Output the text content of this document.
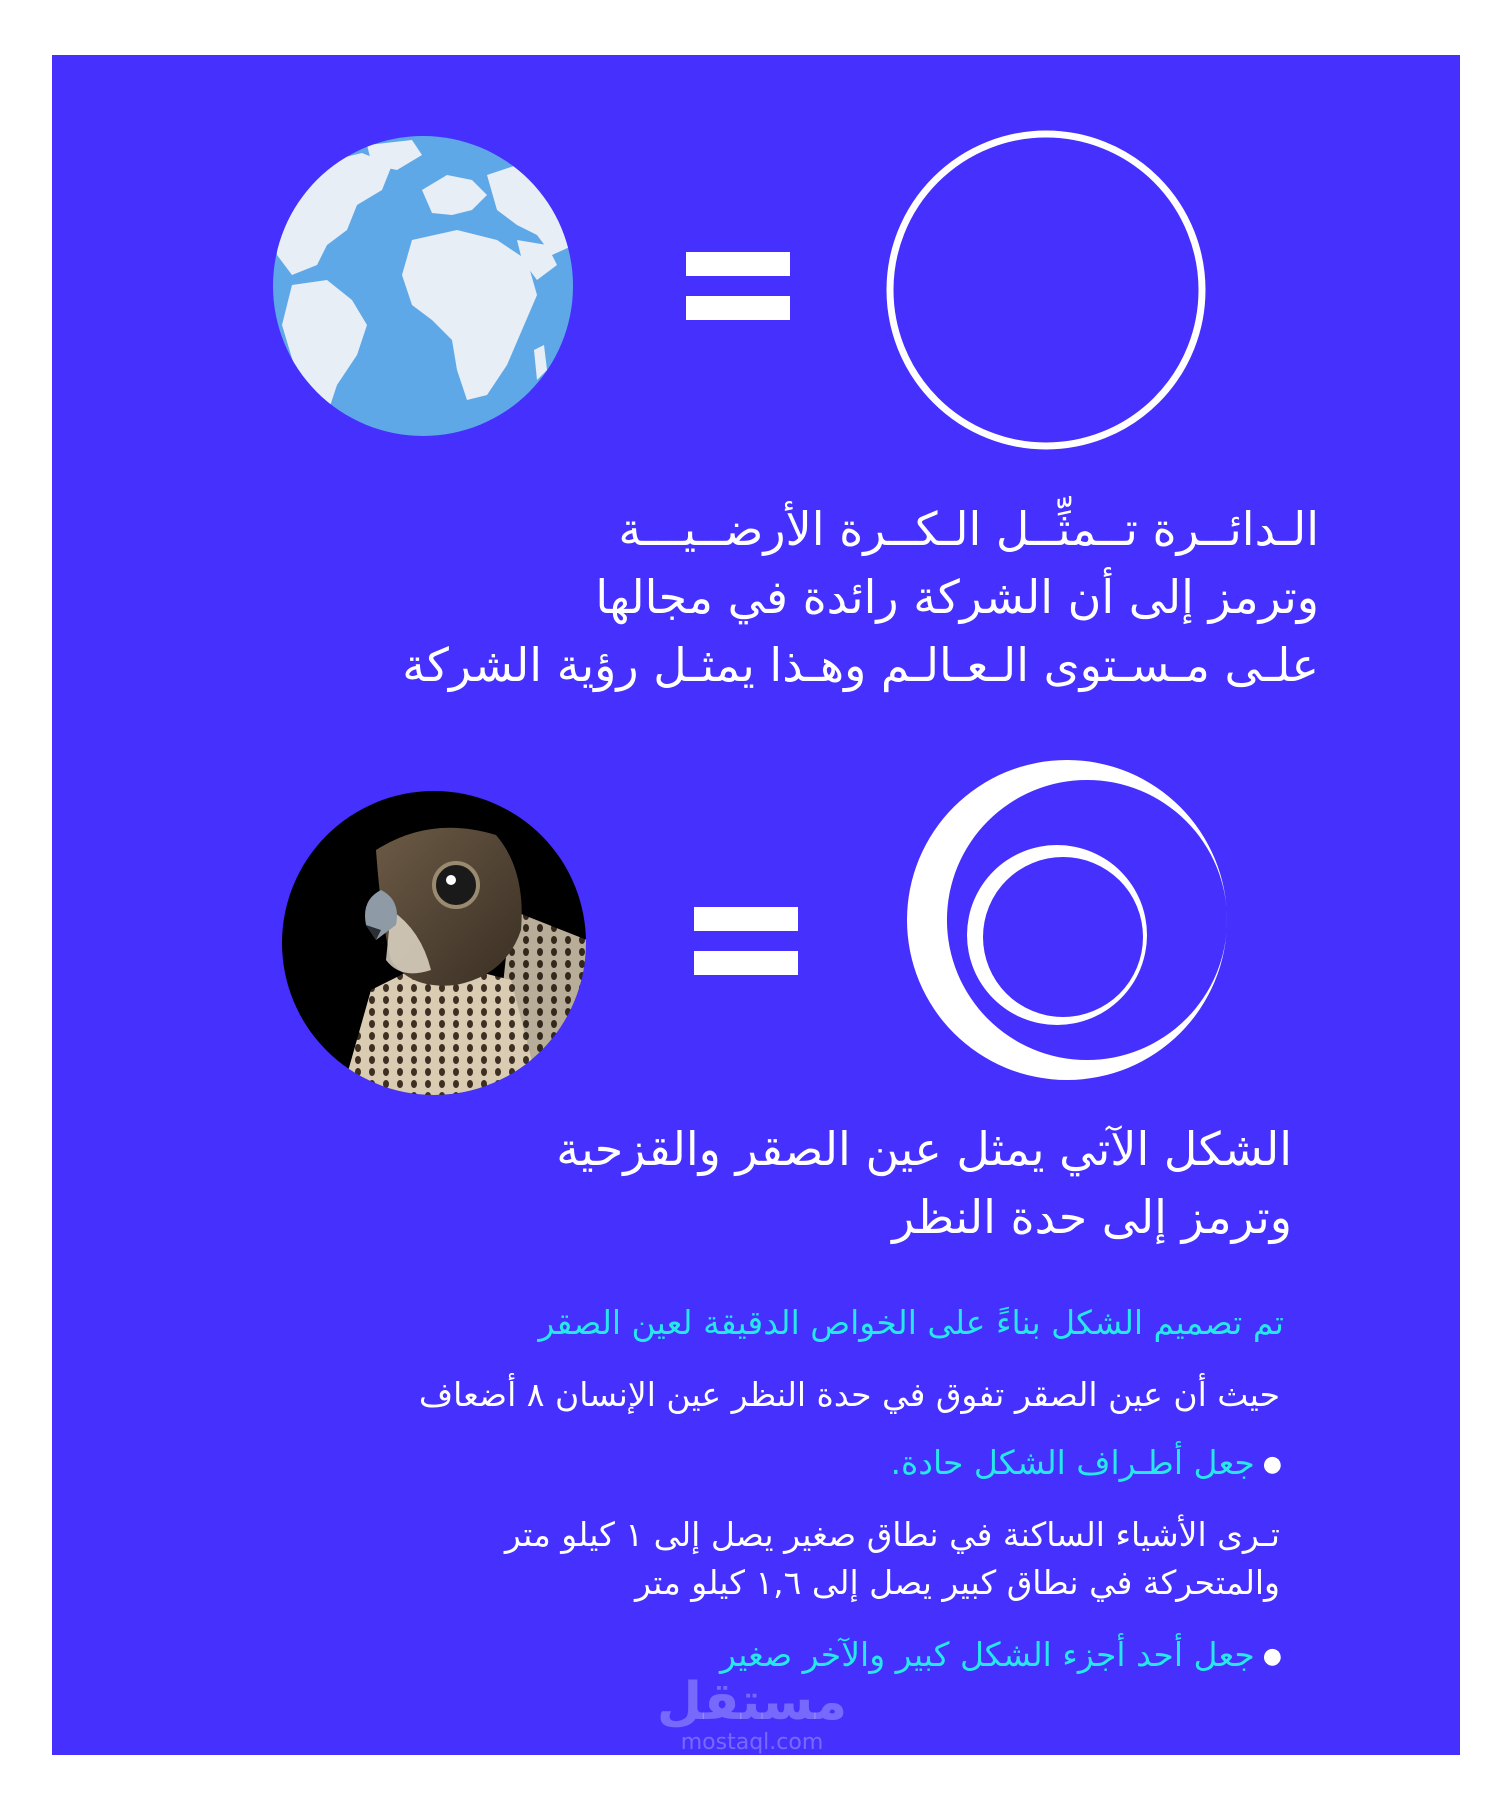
الـدائــرة تــمثِّــل الـكــرة الأرضــيـــة
وترمز إلى أن الشركة رائدة في مجالها
علـى مـسـتوى الـعـالـم وهـذا يمثـل رؤية الشركة
الشكل الآتي يمثل عين الصقر والقزحية
وترمز إلى حدة النظر
تم تصميم الشكل بناءً على الخواص الدقيقة لعين الصقر
حيث أن عين الصقر تفوق في حدة النظر عين الإنسان ٨ أضعاف
●جعل أطـراف الشكل حادة.
تـرى الأشياء الساكنة في نطاق صغير يصل إلى ١ كيلو متر
والمتحركة في نطاق كبير يصل إلى ١,٦ كيلو متر
●جعل أحد أجزء الشكل كبير والآخر صغير
مستقل
mostaql.com
